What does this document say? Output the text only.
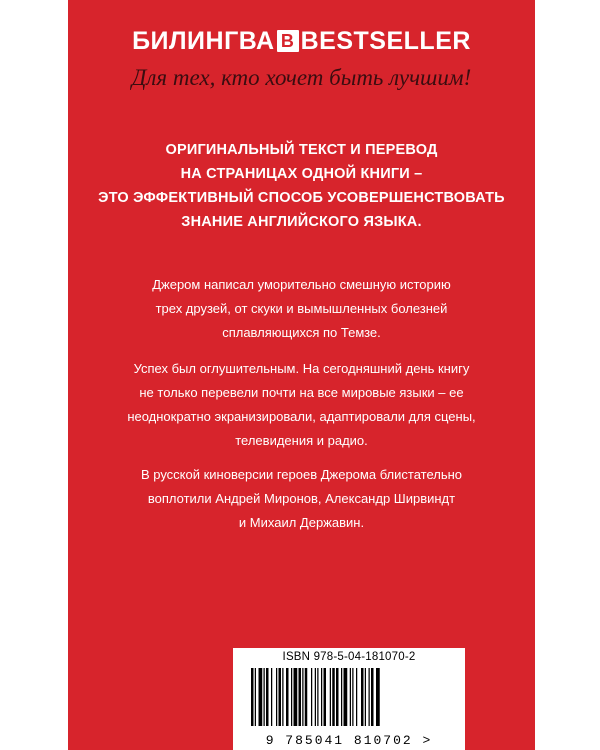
БИЛИНГВА B BESTSELLER
Для тех, кто хочет быть лучшим!
ОРИГИНАЛЬНЫЙ ТЕКСТ И ПЕРЕВОД
НА СТРАНИЦАХ ОДНОЙ КНИГИ –
ЭТО ЭФФЕКТИВНЫЙ СПОСОБ УСОВЕРШЕНСТВОВАТЬ
ЗНАНИЕ АНГЛИЙСКОГО ЯЗЫКА.
Джером написал уморительно смешную историю
трех друзей, от скуки и вымышленных болезней
сплавляющихся по Темзе.
Успех был оглушительным. На сегодняшний день книгу
не только перевели почти на все мировые языки – ее
неоднократно экранизировали, адаптировали для сцены,
телевидения и радио.
В русской киноверсии героев Джерома блистательно
воплотили Андрей Миронов, Александр Ширвиндт
и Михаил Державин.
ISBN 978-5-04-181070-2
9 785041 810702 >
